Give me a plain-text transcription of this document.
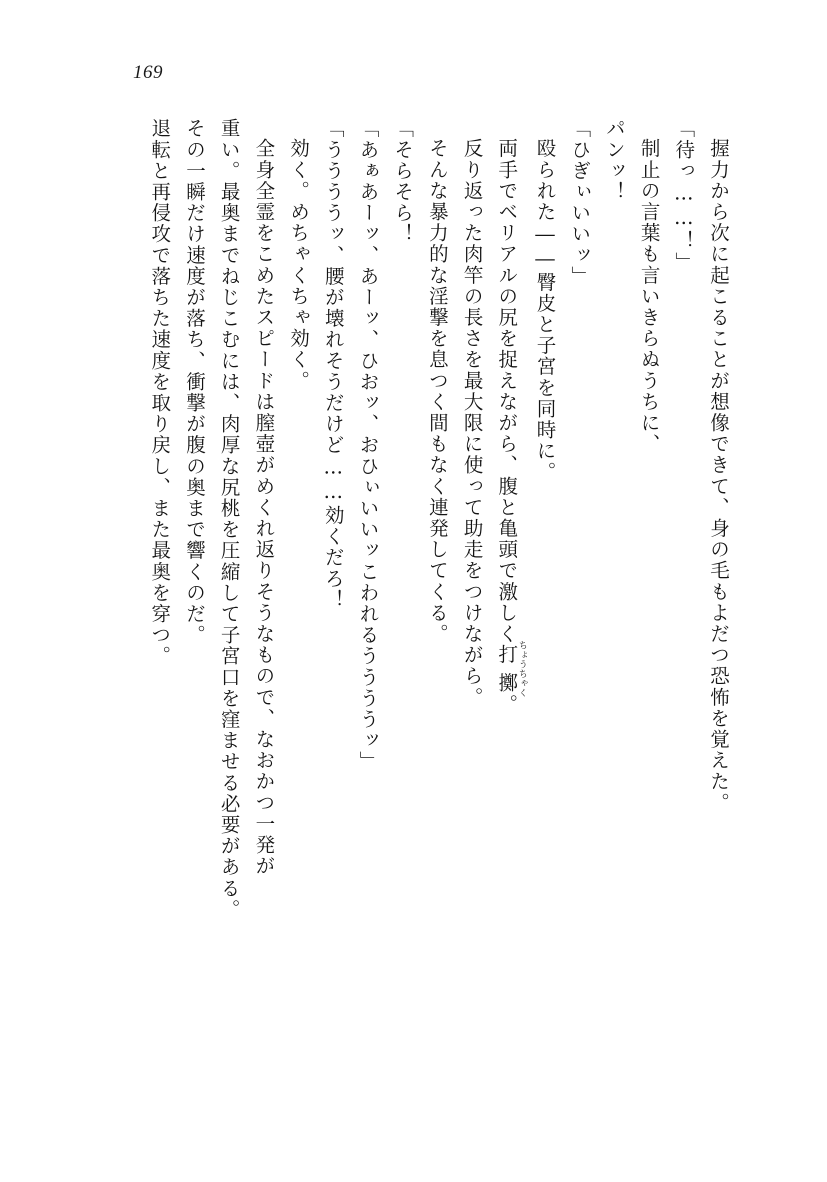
169

握力から次に起こることが想像できて、身の毛もよだつ恐怖を覚えた。

「待っ……！」

制止の言葉も言いきらぬうちに、

パンッ！

「ひぎぃいいッ」

殴られた――臀皮と子宮を同時に。

両手でベリアルの尻を捉えながら、腹と亀頭で激しく打擲ちょうちゃく。

反り返った肉竿の長さを最大限に使って助走をつけながら。

そんな暴力的な淫撃を息つく間もなく連発してくる。

「そらそら！

「あぁあーッ、あーッ、ひおッ、おひぃいいッこわれるううううッ」

「ううううッ、腰が壊れそうだけど……効くだろ！

効く。めちゃくちゃ効く。

全身全霊をこめたスピードは膣壺がめくれ返りそうなもので、なおかつ一発が

重い。最奥までねじこむには、肉厚な尻桃を圧縮して子宮口を窪ませる必要がある。

その一瞬だけ速度が落ち、衝撃が腹の奥まで響くのだ。

退転と再侵攻で落ちた速度を取り戻し、また最奥を穿つ。
